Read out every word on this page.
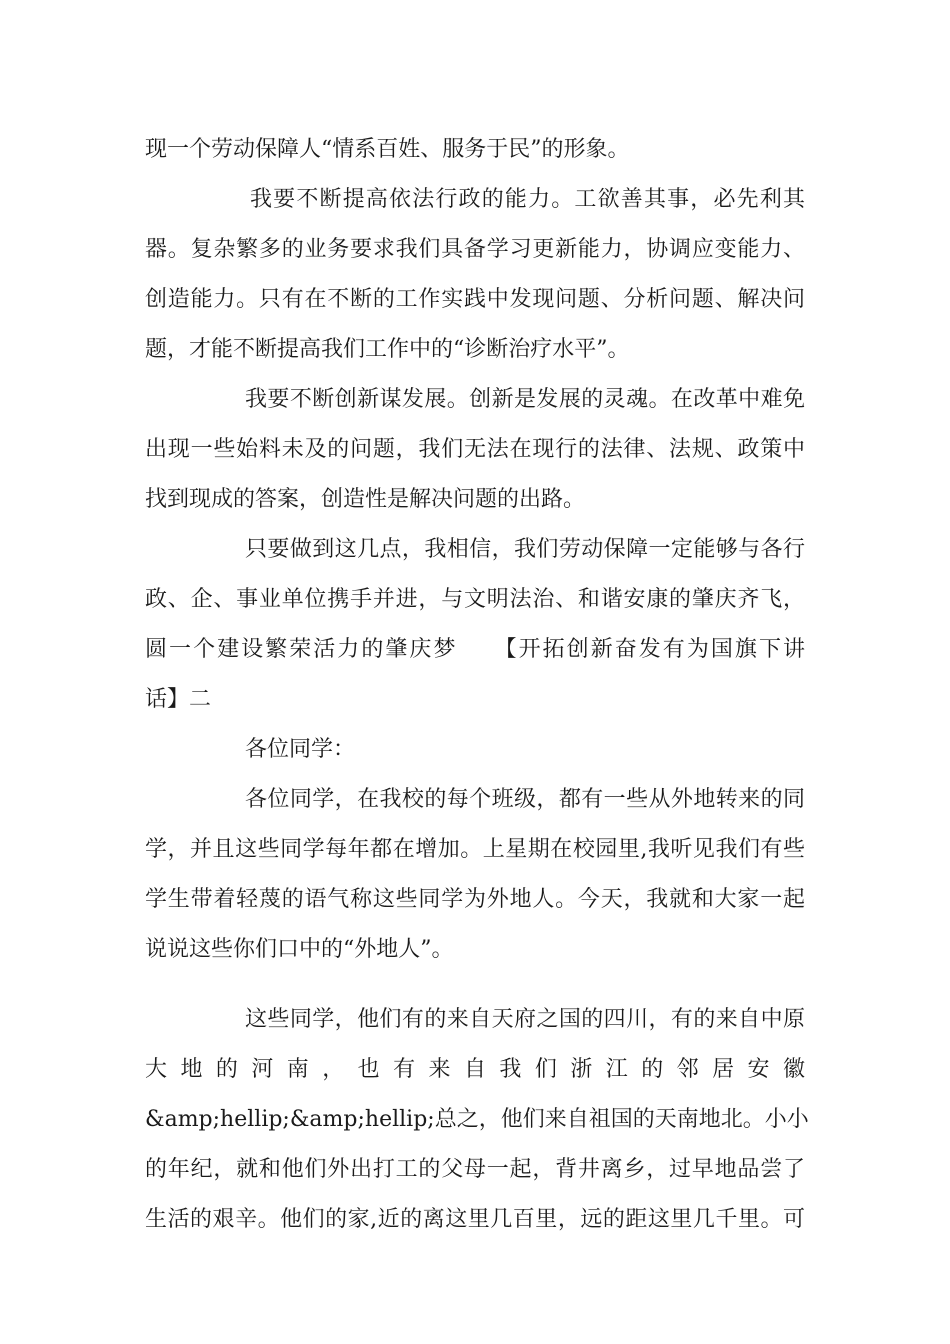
现一个劳动保障人“情系百姓、服务于民”的形象。
我要不断提高依法行政的能力。工欲善其事，必先利其
器。复杂繁多的业务要求我们具备学习更新能力，协调应变能力、
创造能力。只有在不断的工作实践中发现问题、分析问题、解决问
题，才能不断提高我们工作中的“诊断治疗水平”。
我要不断创新谋发展。创新是发展的灵魂。在改革中难免
出现一些始料未及的问题，我们无法在现行的法律、法规、政策中
找到现成的答案，创造性是解决问题的出路。
只要做到这几点，我相信，我们劳动保障一定能够与各行
政、企、事业单位携手并进，与文明法治、和谐安康的肇庆齐飞，
圆一个建设繁荣活力的肇庆梦　　【开拓创新奋发有为国旗下讲
话】二
各位同学：
各位同学，在我校的每个班级，都有一些从外地转来的同
学，并且这些同学每年都在增加。上星期在校园里,我听见我们有些
学生带着轻蔑的语气称这些同学为外地人。今天，我就和大家一起
说说这些你们口中的“外地人”。
这些同学，他们有的来自天府之国的四川，有的来自中原
大 地 的 河 南 ， 也 有 来 自 我 们 浙 江 的 邻 居 安 徽
&amp;hellip;&amp;hellip;总之，他们来自祖国的天南地北。小小
的年纪，就和他们外出打工的父母一起，背井离乡，过早地品尝了
生活的艰辛。他们的家,近的离这里几百里，远的距这里几千里。可
